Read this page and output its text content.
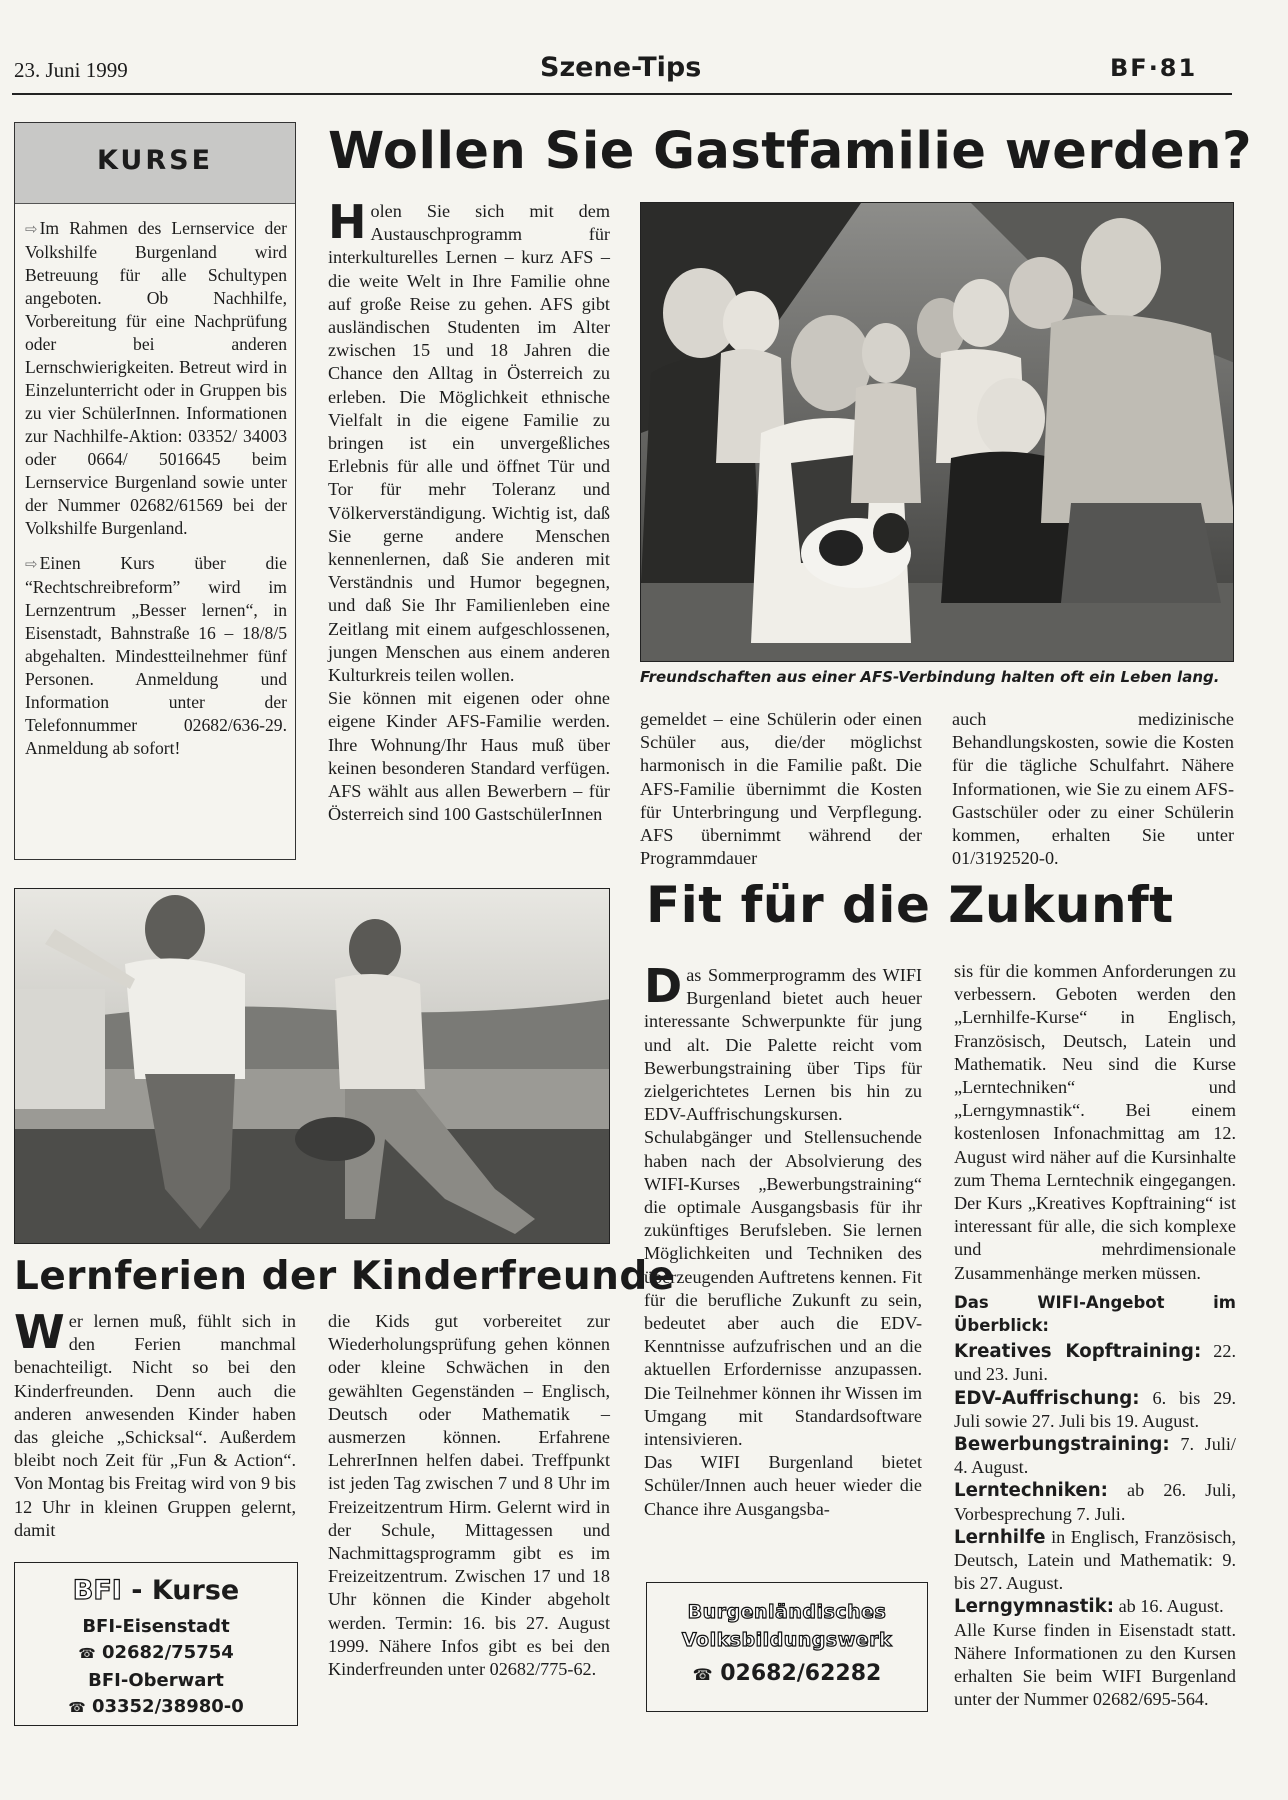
23. Juni 1999	Szene-Tips	BF·81
KURSE

⇨ Im Rahmen des Lernservice der Volkshilfe Burgenland wird Betreuung für alle Schultypen angeboten. Ob Nachhilfe, Vorbereitung für eine Nachprüfung oder bei anderen Lernschwierigkeiten. Betreut wird in Einzelunterricht oder in Gruppen bis zu vier SchülerInnen. Informationen zur Nachhilfe-Aktion: 03352/ 34003 oder 0664/ 5016645 beim Lernservice Burgenland sowie unter der Nummer 02682/61569 bei der Volkshilfe Burgenland.

⇨ Einen Kurs über die “Rechtschreibreform” wird im Lernzentrum „Besser lernen“, in Eisenstadt, Bahnstraße 16 – 18/8/5 abgehalten. Mindestteilnehmer fünf Personen. Anmeldung und Information unter der Telefonnummer 02682/636-29. Anmeldung ab sofort!

Wollen Sie Gastfamilie werden?
Holen Sie sich mit dem Austauschprogramm für interkulturelles Lernen – kurz AFS – die weite Welt in Ihre Familie ohne auf große Reise zu gehen. AFS gibt ausländischen Studenten im Alter zwischen 15 und 18 Jahren die Chance den Alltag in Österreich zu erleben. Die Möglichkeit ethnische Vielfalt in die eigene Familie zu bringen ist ein unvergeßliches Erlebnis für alle und öffnet Tür und Tor für mehr Toleranz und Völkerverständigung. Wichtig ist, daß Sie gerne andere Menschen kennenlernen, daß Sie anderen mit Verständnis und Humor begegnen, und daß Sie Ihr Familienleben eine Zeitlang mit einem aufgeschlossenen, jungen Menschen aus einem anderen Kulturkreis teilen wollen.

Sie können mit eigenen oder ohne eigene Kinder AFS-Familie werden. Ihre Wohnung/Ihr Haus muß über keinen besonderen Standard verfügen. AFS wählt aus allen Bewerbern – für Österreich sind 100 GastschülerInnen

Freundschaften aus einer AFS-Verbindung halten oft ein Leben lang.
gemeldet – eine Schülerin oder einen Schüler aus, die/der möglichst harmonisch in die Familie paßt. Die AFS-Familie übernimmt die Kosten für Unterbringung und Verpflegung. AFS übernimmt während der Programmdauer
auch medizinische Behandlungskosten, sowie die Kosten für die tägliche Schulfahrt. Nähere Informationen, wie Sie zu einem AFS-Gastschüler oder zu einer Schülerin kommen, erhalten Sie unter 01/3192520-0.
Lernferien der Kinderfreunde
Wer lernen muß, fühlt sich in den Ferien manchmal benachteiligt. Nicht so bei den Kinderfreunden. Denn auch die anderen anwesenden Kinder haben das gleiche „Schicksal“. Außerdem bleibt noch Zeit für „Fun & Action“. Von Montag bis Freitag wird von 9 bis 12 Uhr in kleinen Gruppen gelernt, damit
die Kids gut vorbereitet zur Wiederholungsprüfung gehen können oder kleine Schwächen in den gewählten Gegenständen – Englisch, Deutsch oder Mathematik – ausmerzen können. Erfahrene LehrerInnen helfen dabei. Treffpunkt ist jeden Tag zwischen 7 und 8 Uhr im Freizeitzentrum Hirm. Gelernt wird in der Schule, Mittagessen und Nachmittagsprogramm gibt es im Freizeitzentrum. Zwischen 17 und 18 Uhr können die Kinder abgeholt werden. Termin: 16. bis 27. August 1999. Nähere Infos gibt es bei den Kinderfreunden unter 02682/775-62.
BFI - Kurse
BFI-Eisenstadt
☎ 02682/75754
BFI-Oberwart
☎ 03352/38980-0
Fit für die Zukunft
Das Sommerprogramm des WIFI Burgenland bietet auch heuer interessante Schwerpunkte für jung und alt. Die Palette reicht vom Bewerbungstraining über Tips für zielgerichtetes Lernen bis hin zu EDV-Auffrischungskursen.

Schulabgänger und Stellensuchende haben nach der Absolvierung des WIFI-Kurses „Bewerbungstraining“ die optimale Ausgangsbasis für ihr zukünftiges Berufsleben. Sie lernen Möglichkeiten und Techniken des überzeugenden Auftretens kennen. Fit für die berufliche Zukunft zu sein, bedeutet aber auch die EDV-Kenntnisse aufzufrischen und an die aktuellen Erfordernisse anzupassen. Die Teilnehmer können ihr Wissen im Umgang mit Standardsoftware intensivieren.

Das WIFI Burgenland bietet Schüler/Innen auch heuer wieder die Chance ihre Ausgangsba-

sis für die kommen Anforderungen zu verbessern. Geboten werden den „Lernhilfe-Kurse“ in Englisch, Französisch, Deutsch, Latein und Mathematik. Neu sind die Kurse „Lerntechniken“ und „Lerngymnastik“. Bei einem kostenlosen Infonachmittag am 12. August wird näher auf die Kursinhalte zum Thema Lerntechnik eingegangen. Der Kurs „Kreatives Kopftraining“ ist interessant für alle, die sich komplexe und mehrdimensionale Zusammenhänge merken müssen.

Das WIFI-Angebot im Überblick:
Kreatives Kopftraining: 22. und 23. Juni.
EDV-Auffrischung: 6. bis 29. Juli sowie 27. Juli bis 19. August.
Bewerbungstraining: 7. Juli/ 4. August.
Lerntechniken: ab 26. Juli, Vorbesprechung 7. Juli.
Lernhilfe in Englisch, Französisch, Deutsch, Latein und Mathematik: 9. bis 27. August.
Lerngymnastik: ab 16. August.

Alle Kurse finden in Eisenstadt statt. Nähere Informationen zu den Kursen erhalten Sie beim WIFI Burgenland unter der Nummer 02682/695-564.

Burgenländisches
Volksbildungswerk
☎ 02682/62282
